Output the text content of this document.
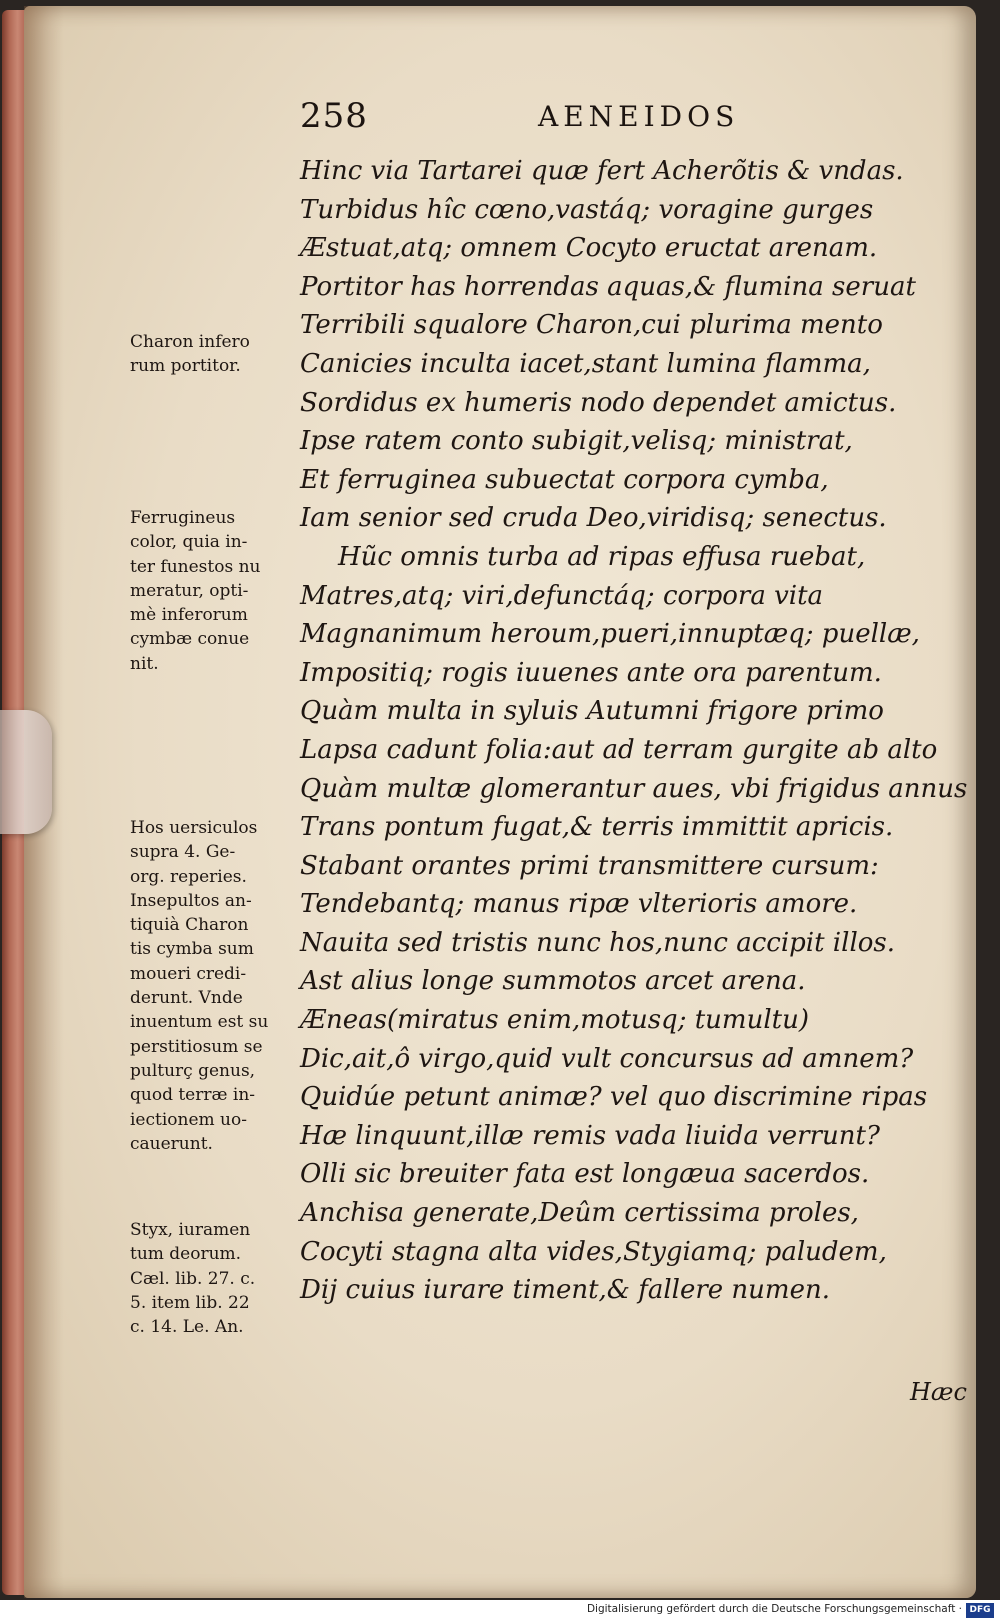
258	AENEIDOS
Hinc via Tartarei quæ fert Acherõtis & vndas.
Turbidus hîc cœno,vastáq; voragine gurges
Æstuat,atq; omnem Cocyto eructat arenam.
Portitor has horrendas aquas,& flumina seruat
Terribili squalore Charon,cui plurima mento
Canicies inculta iacet,stant lumina flamma,
Sordidus ex humeris nodo dependet amictus.
Ipse ratem conto subigit,velisq; ministrat,
Et ferruginea subuectat corpora cymba,
Iam senior sed cruda Deo,viridisq; senectus.
Hũc omnis turba ad ripas effusa ruebat,
Matres,atq; viri,defunctáq; corpora vita
Magnanimum heroum,pueri,innuptæq; puellæ,
Impositiq; rogis iuuenes ante ora parentum.
Quàm multa in syluis Autumni frigore primo
Lapsa cadunt folia:aut ad terram gurgite ab alto
Quàm multæ glomerantur aues, vbi frigidus annus
Trans pontum fugat,& terris immittit apricis.
Stabant orantes primi transmittere cursum:
Tendebantq; manus ripæ vlterioris amore.
Nauita sed tristis nunc hos,nunc accipit illos.
Ast alius longe summotos arcet arena.
Æneas(miratus enim,motusq; tumultu)
Dic,ait,ô virgo,quid vult concursus ad amnem?
Quidúe petunt animæ? vel quo discrimine ripas
Hæ linquunt,illæ remis vada liuida verrunt?
Olli sic breuiter fata est longæua sacerdos.
Anchisa generate,Deûm certissima proles,
Cocyti stagna alta vides,Stygiamq; paludem,
Dij cuius iurare timent,& fallere numen.
Hæc
Charon infero
rum portitor.
Ferrugineus
color, quia in-
ter funestos nu
meratur, opti-
mè inferorum
cymbæ conue
nit.
Hos uersiculos
supra 4. Ge-
org. reperies.
Insepultos an-
tiquià Charon
tis cymba sum
moueri credi-
derunt. Vnde
inuentum est su
perstitiosum se
pulturç genus,
quod terræ in-
iectionem uo-
cauerunt.
Styx, iuramen
tum deorum.
Cæl. lib. 27. c.
5. item lib. 22
c. 14. Le. An.
Digitalisierung gefördert durch die Deutsche Forschungsgemeinschaft · DFG
